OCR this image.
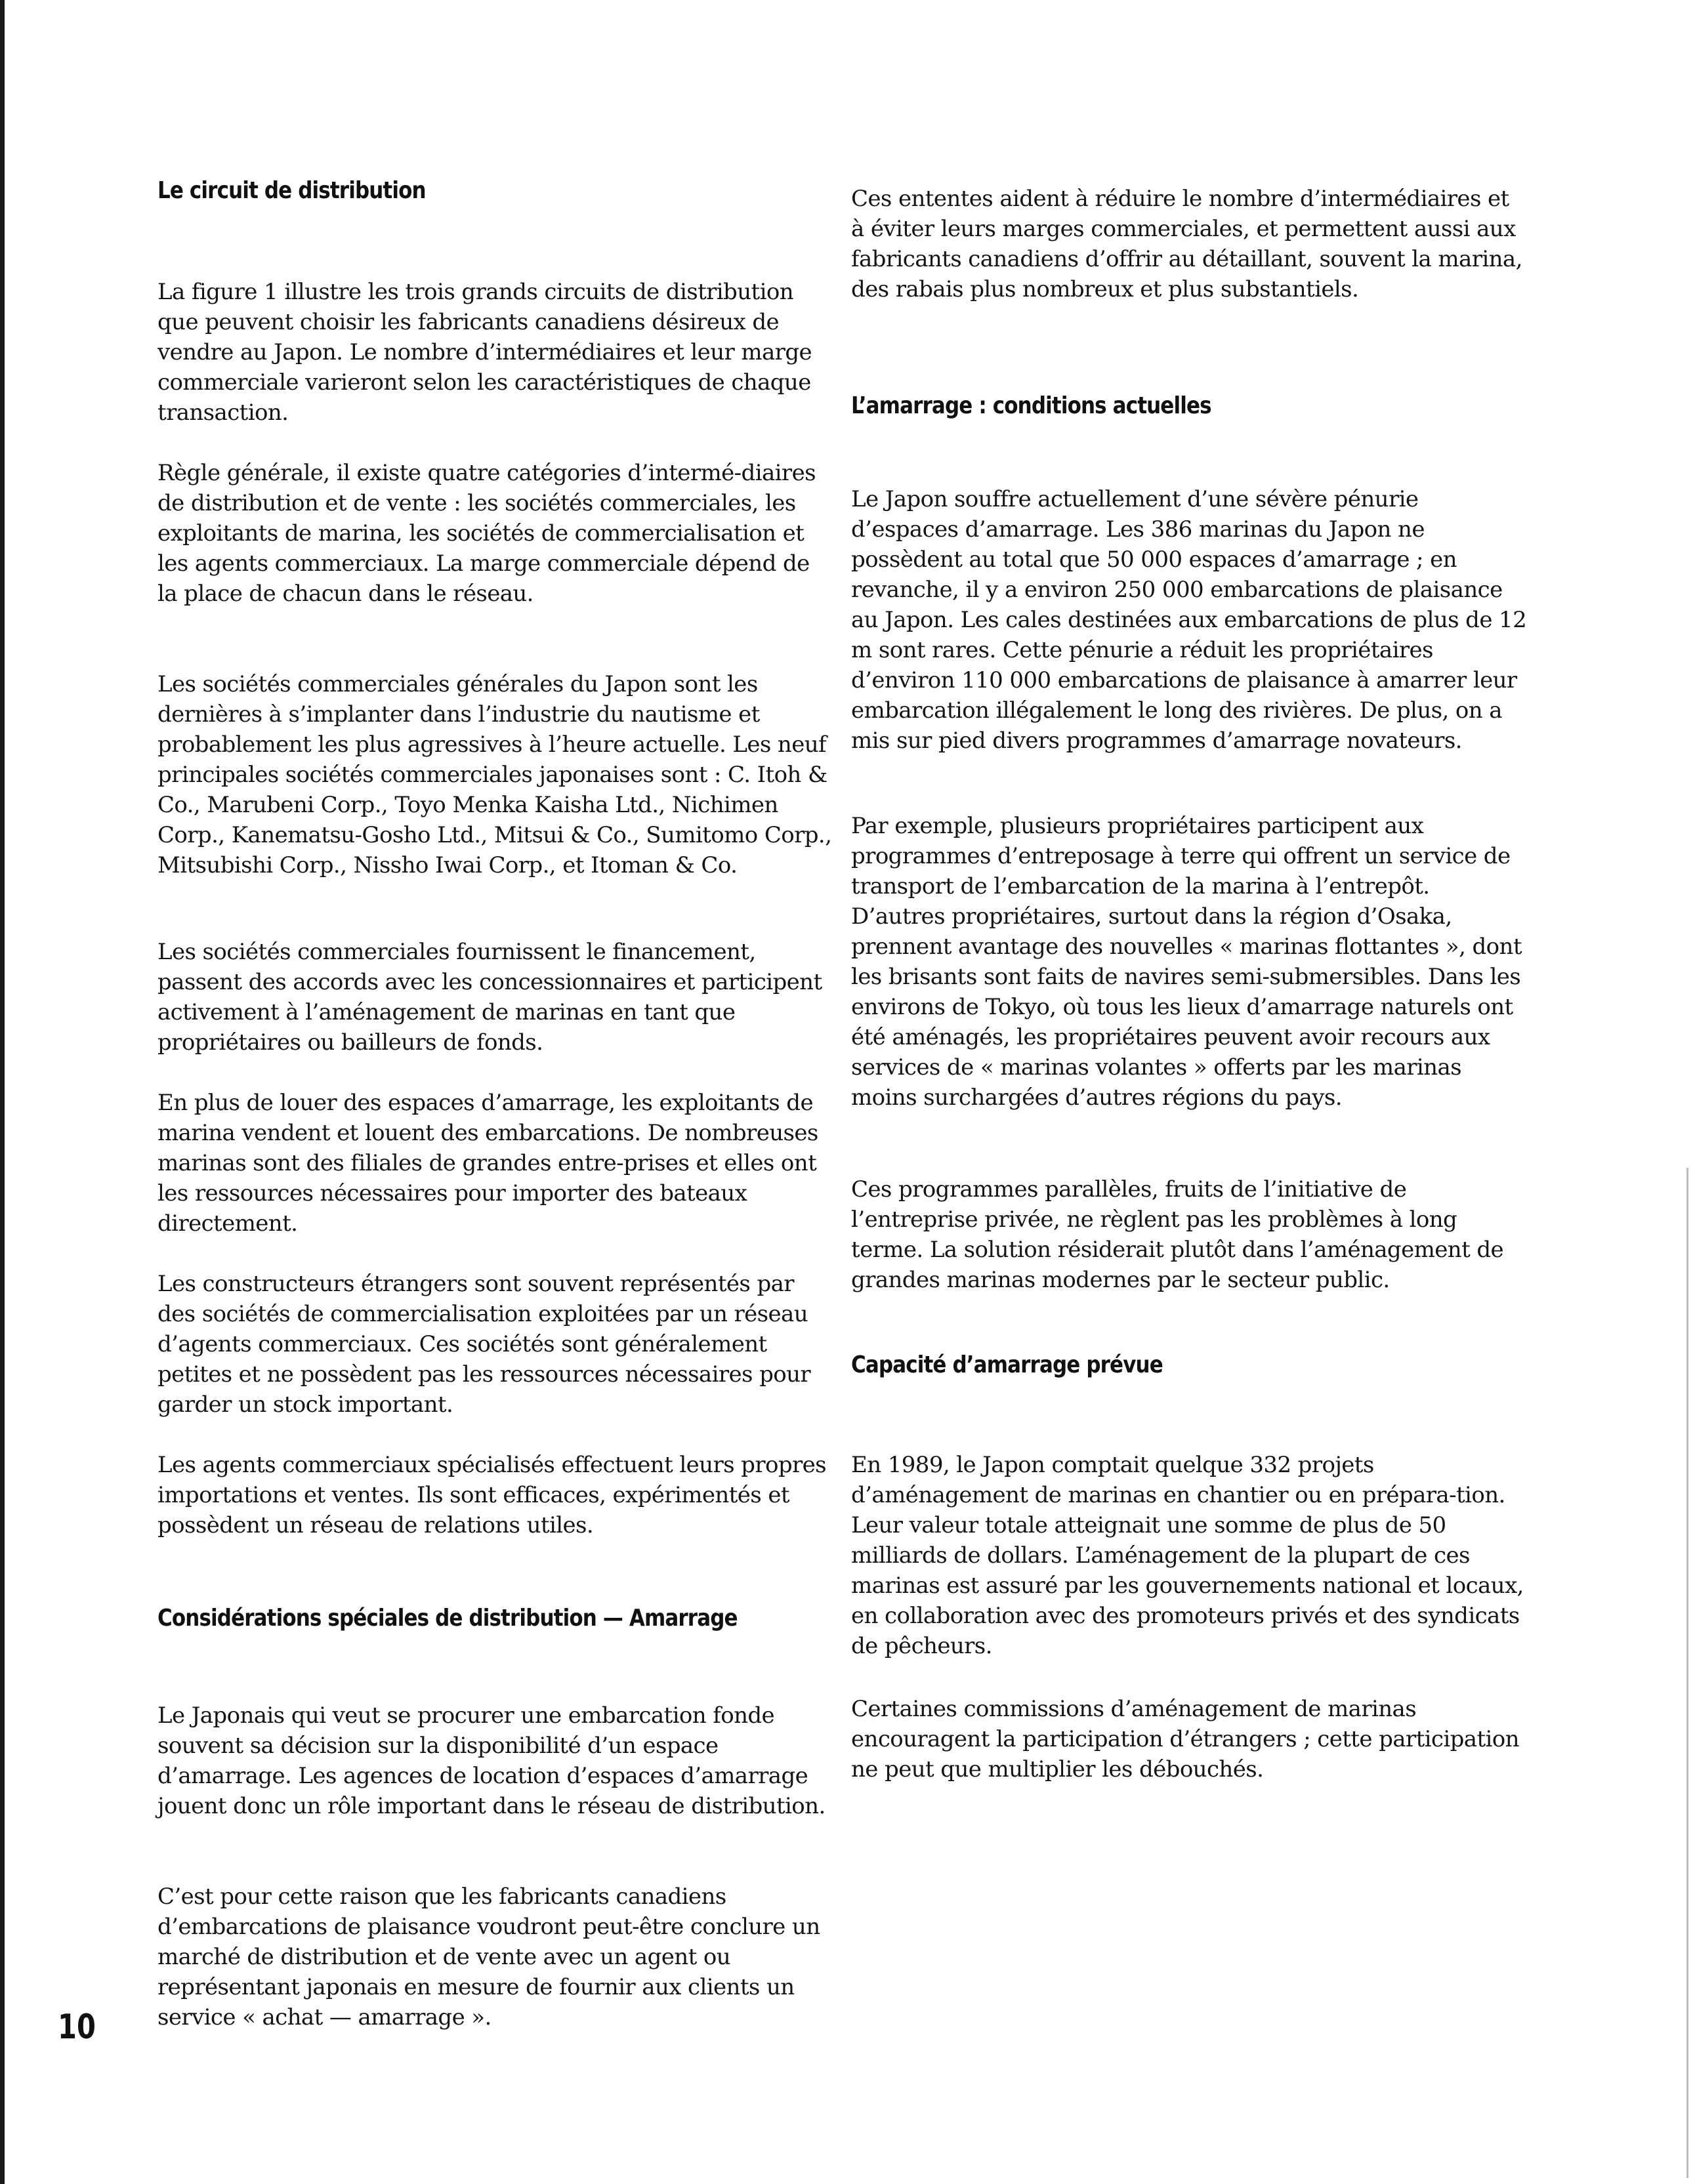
Le circuit de distribution

La figure 1 illustre les trois grands circuits de distribution que peuvent choisir les fabricants canadiens désireux de vendre au Japon. Le nombre d’intermédiaires et leur marge commerciale varieront selon les caractéristiques de chaque transaction.

Règle générale, il existe quatre catégories d’intermé-diaires de distribution et de vente : les sociétés commerciales, les exploitants de marina, les sociétés de commercialisation et les agents commerciaux. La marge commerciale dépend de la place de chacun dans le réseau.

Les sociétés commerciales générales du Japon sont les dernières à s’implanter dans l’industrie du nautisme et probablement les plus agressives à l’heure actuelle. Les neuf principales sociétés commerciales japonaises sont : C. Itoh & Co., Marubeni Corp., Toyo Menka Kaisha Ltd., Nichimen Corp., Kanematsu-Gosho Ltd., Mitsui & Co., Sumitomo Corp., Mitsubishi Corp., Nissho Iwai Corp., et Itoman & Co.

Les sociétés commerciales fournissent le financement, passent des accords avec les concessionnaires et participent activement à l’aménagement de marinas en tant que propriétaires ou bailleurs de fonds.

En plus de louer des espaces d’amarrage, les exploitants de marina vendent et louent des embarcations. De nombreuses marinas sont des filiales de grandes entre-prises et elles ont les ressources nécessaires pour importer des bateaux directement.

Les constructeurs étrangers sont souvent représentés par des sociétés de commercialisation exploitées par un réseau d’agents commerciaux. Ces sociétés sont généralement petites et ne possèdent pas les ressources nécessaires pour garder un stock important.

Les agents commerciaux spécialisés effectuent leurs propres importations et ventes. Ils sont efficaces, expérimentés et possèdent un réseau de relations utiles.

Considérations spéciales de distribution — Amarrage

Le Japonais qui veut se procurer une embarcation fonde souvent sa décision sur la disponibilité d’un espace d’amarrage. Les agences de location d’espaces d’amarrage jouent donc un rôle important dans le réseau de distribution.

C’est pour cette raison que les fabricants canadiens d’embarcations de plaisance voudront peut-être conclure un marché de distribution et de vente avec un agent ou représentant japonais en mesure de fournir aux clients un service « achat — amarrage ».

Ces ententes aident à réduire le nombre d’intermédiaires et à éviter leurs marges commerciales, et permettent aussi aux fabricants canadiens d’offrir au détaillant, souvent la marina, des rabais plus nombreux et plus substantiels.

L’amarrage : conditions actuelles

Le Japon souffre actuellement d’une sévère pénurie d’espaces d’amarrage. Les 386 marinas du Japon ne possèdent au total que 50 000 espaces d’amarrage ; en revanche, il y a environ 250 000 embarcations de plaisance au Japon. Les cales destinées aux embarcations de plus de 12 m sont rares. Cette pénurie a réduit les propriétaires d’environ 110 000 embarcations de plaisance à amarrer leur embarcation illégalement le long des rivières. De plus, on a mis sur pied divers programmes d’amarrage novateurs.

Par exemple, plusieurs propriétaires participent aux programmes d’entreposage à terre qui offrent un service de transport de l’embarcation de la marina à l’entrepôt. D’autres propriétaires, surtout dans la région d’Osaka, prennent avantage des nouvelles « marinas flottantes », dont les brisants sont faits de navires semi-submersibles. Dans les environs de Tokyo, où tous les lieux d’amarrage naturels ont été aménagés, les propriétaires peuvent avoir recours aux services de « marinas volantes » offerts par les marinas moins surchargées d’autres régions du pays.

Ces programmes parallèles, fruits de l’initiative de l’entreprise privée, ne règlent pas les problèmes à long terme. La solution résiderait plutôt dans l’aménagement de grandes marinas modernes par le secteur public.

Capacité d’amarrage prévue

En 1989, le Japon comptait quelque 332 projets d’aménagement de marinas en chantier ou en prépara-tion. Leur valeur totale atteignait une somme de plus de 50 milliards de dollars. L’aménagement de la plupart de ces marinas est assuré par les gouvernements national et locaux, en collaboration avec des promoteurs privés et des syndicats de pêcheurs.

Certaines commissions d’aménagement de marinas encouragent la participation d’étrangers ; cette participation ne peut que multiplier les débouchés.

10
